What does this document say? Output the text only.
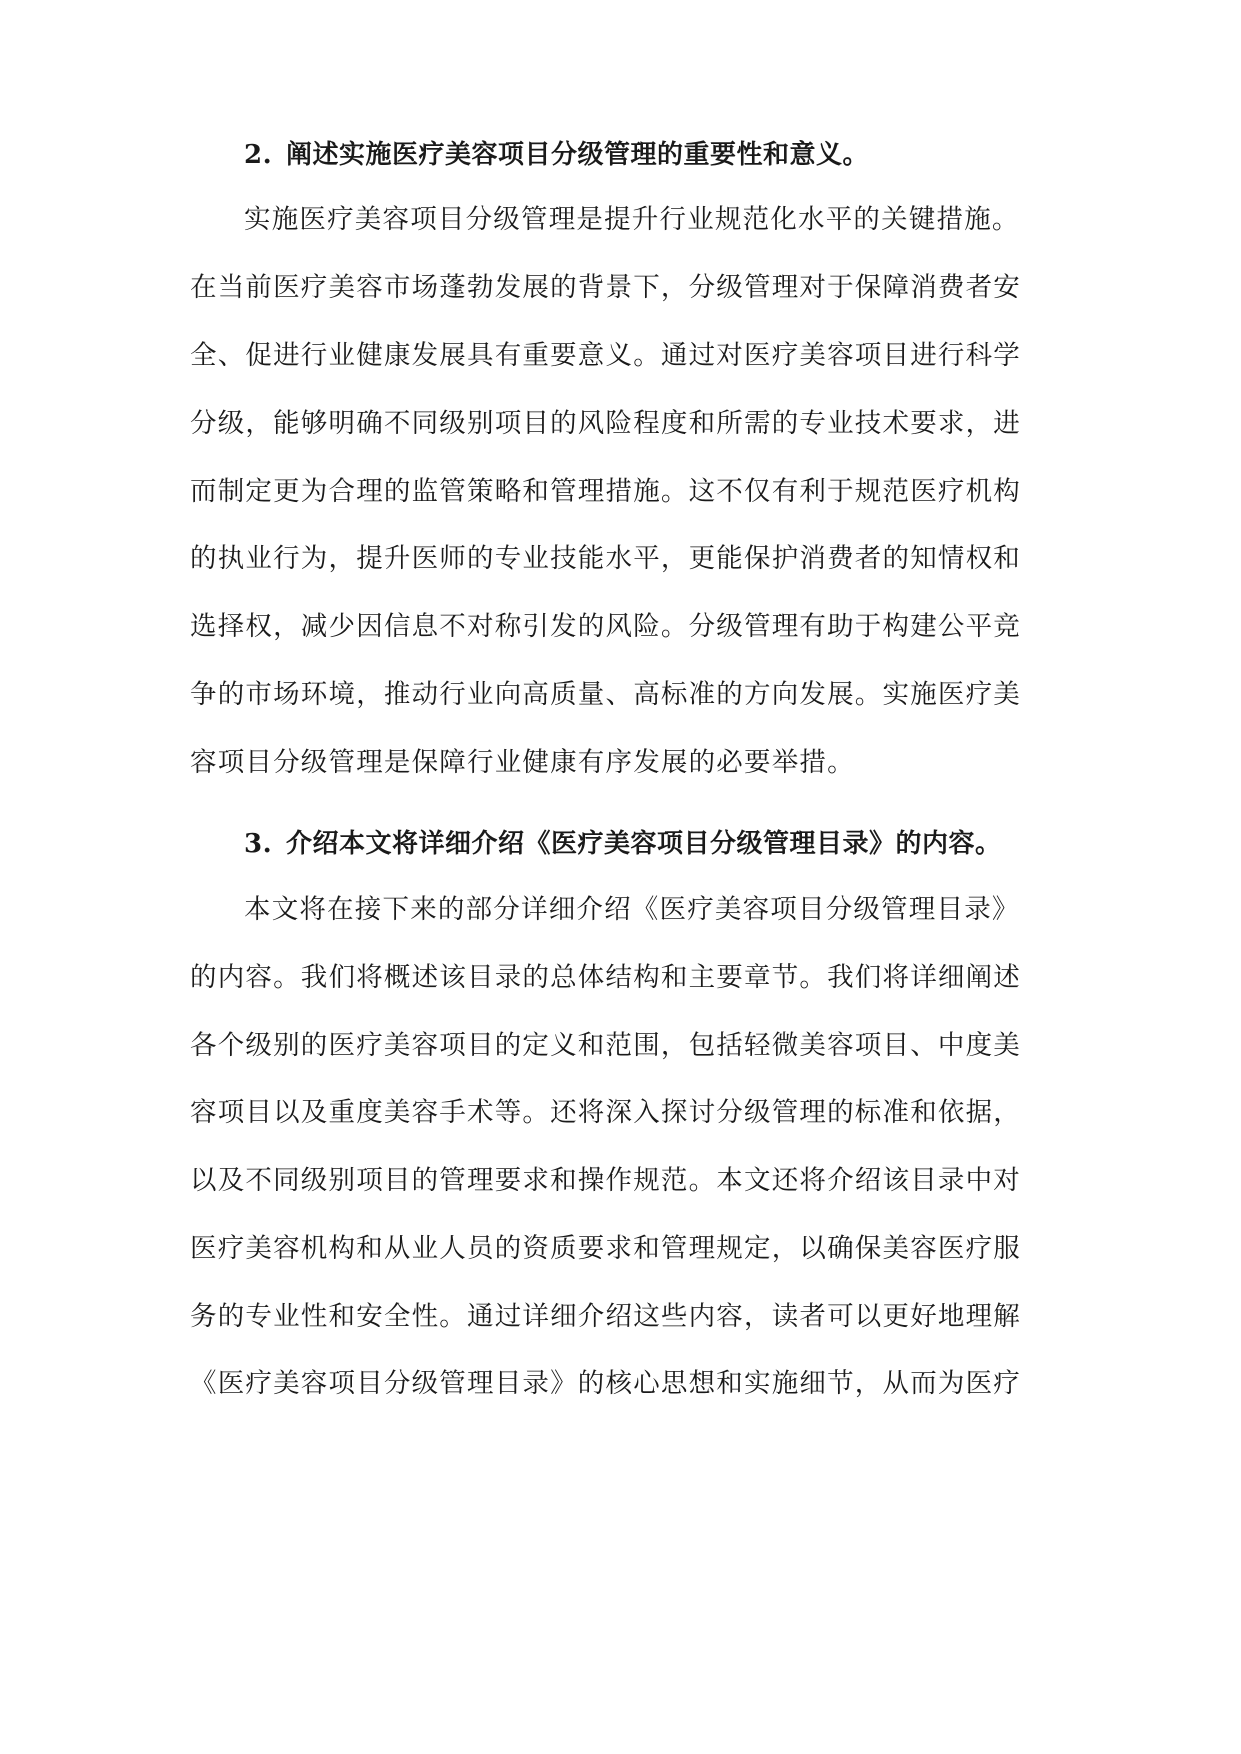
2. 阐述实施医疗美容项目分级管理的重要性和意义。
实施医疗美容项目分级管理是提升行业规范化水平的关键措施。
在当前医疗美容市场蓬勃发展的背景下，分级管理对于保障消费者安
全、促进行业健康发展具有重要意义。通过对医疗美容项目进行科学
分级，能够明确不同级别项目的风险程度和所需的专业技术要求，进
而制定更为合理的监管策略和管理措施。这不仅有利于规范医疗机构
的执业行为，提升医师的专业技能水平，更能保护消费者的知情权和
选择权，减少因信息不对称引发的风险。分级管理有助于构建公平竞
争的市场环境，推动行业向高质量、高标准的方向发展。实施医疗美
容项目分级管理是保障行业健康有序发展的必要举措。
3. 介绍本文将详细介绍《医疗美容项目分级管理目录》的内容。
本文将在接下来的部分详细介绍《医疗美容项目分级管理目录》
的内容。我们将概述该目录的总体结构和主要章节。我们将详细阐述
各个级别的医疗美容项目的定义和范围，包括轻微美容项目、中度美
容项目以及重度美容手术等。还将深入探讨分级管理的标准和依据，
以及不同级别项目的管理要求和操作规范。本文还将介绍该目录中对
医疗美容机构和从业人员的资质要求和管理规定，以确保美容医疗服
务的专业性和安全性。通过详细介绍这些内容，读者可以更好地理解
《医疗美容项目分级管理目录》的核心思想和实施细节，从而为医疗
